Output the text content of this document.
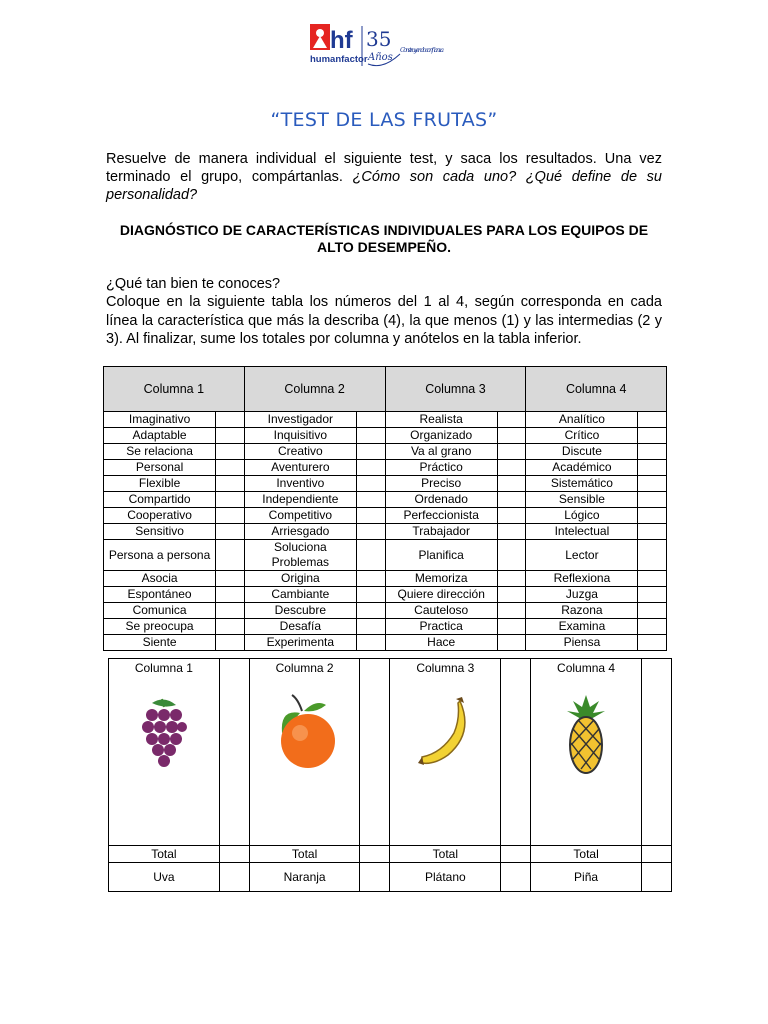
hf
humanfactor
35
Años
Construyendo confianza
“TEST DE LAS FRUTAS”
Resuelve de manera individual el siguiente test, y saca los resultados. Una vez terminado el grupo, compártanlas. ¿Cómo son cada uno? ¿Qué define de su personalidad?
DIAGNÓSTICO DE CARACTERÍSTICAS INDIVIDUALES PARA LOS EQUIPOS DE ALTO DESEMPEÑO.
¿Qué tan bien te conoces?
Coloque en la siguiente tabla los números del 1 al 4, según corresponda en cada línea la característica que más la describa (4), la que menos (1) y las intermedias (2 y 3). Al finalizar, sume los totales por columna y anótelos en la tabla inferior.
Columna 1		Columna 2		Columna 3		Columna 4	
Imaginativo		Investigador		Realista		Analítico	
Adaptable		Inquisitivo		Organizado		Crítico	
Se relaciona		Creativo		Va al grano		Discute	
Personal		Aventurero		Práctico		Académico	
Flexible		Inventivo		Preciso		Sistemático	
Compartido		Independiente		Ordenado		Sensible	
Cooperativo		Competitivo		Perfeccionista		Lógico	
Sensitivo		Arriesgado		Trabajador		Intelectual	
Persona a persona		Soluciona Problemas		Planifica		Lector	
Asocia		Origina		Memoriza		Reflexiona	
Espontáneo		Cambiante		Quiere dirección		Juzga	
Comunica		Descubre		Cauteloso		Razona	
Se preocupa		Desafía		Practica		Examina	
Siente		Experimenta		Hace		Piensa	
Columna 1		Columna 2		Columna 3		Columna 4	

Total		Total		Total		Total	
Uva		Naranja		Plátano		Piña	
